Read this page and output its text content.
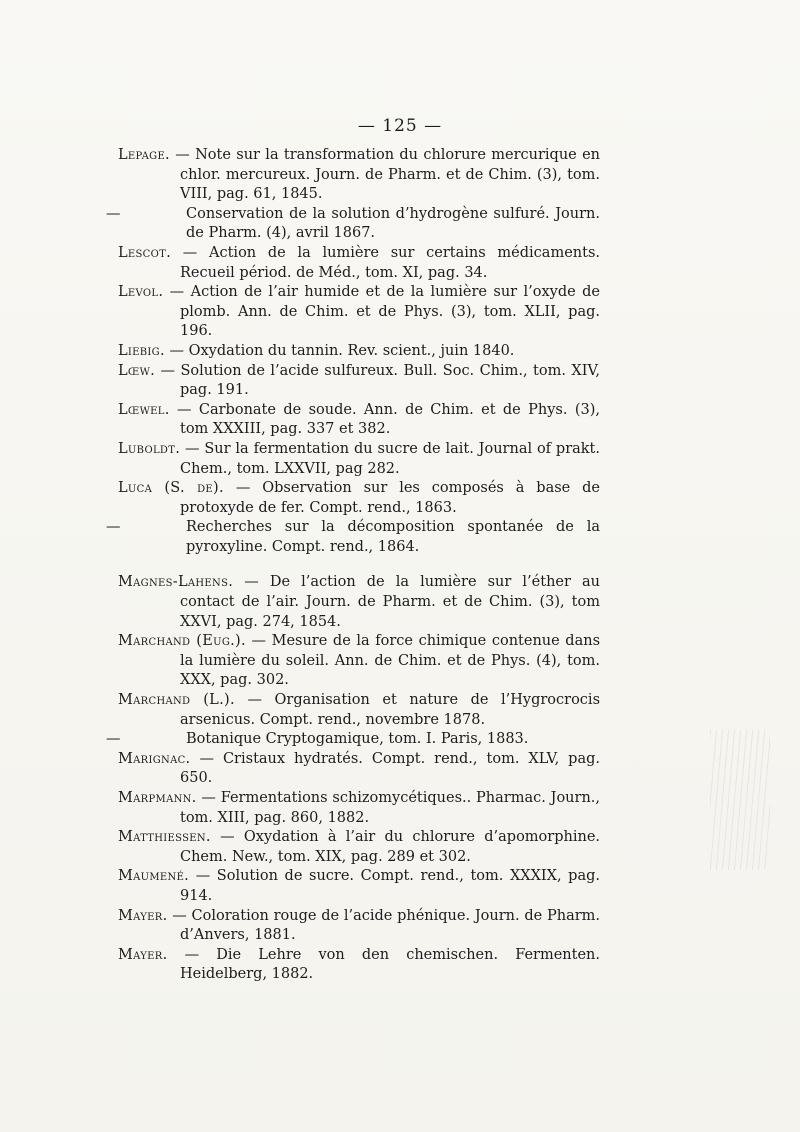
— 125 —

Lepage. — Note sur la transformation du chlorure mercurique en chlor. mercureux. Journ. de Pharm. et de Chim. (3), tom. VIII, pag. 61, 1845.

—	Conservation de la solution d’hydrogène sulfuré. Journ. de Pharm. (4), avril 1867.

Lescot. — Action de la lumière sur certains médicaments. Recueil périod. de Méd., tom. XI, pag. 34.

Levol. — Action de l’air humide et de la lumière sur l’oxyde de plomb. Ann. de Chim. et de Phys. (3), tom. XLII, pag. 196.

Liebig. — Oxydation du tannin. Rev. scient., juin 1840.

Lœw. — Solution de l’acide sulfureux. Bull. Soc. Chim., tom. XIV, pag. 191.

Lœwel. — Carbonate de soude. Ann. de Chim. et de Phys. (3), tom XXXIII, pag. 337 et 382.

Luboldt. — Sur la fermentation du sucre de lait. Journal of prakt. Chem., tom. LXXVII, pag 282.

Luca (S. de). — Observation sur les composés à base de protoxyde de fer. Compt. rend., 1863.

—	Recherches sur la décomposition spontanée de la pyroxyline. Compt. rend., 1864.

Magnes-Lahens. — De l’action de la lumière sur l’éther au contact de l’air. Journ. de Pharm. et de Chim. (3), tom XXVI, pag. 274, 1854.

Marchand (Eug.). — Mesure de la force chimique contenue dans la lumière du soleil. Ann. de Chim. et de Phys. (4), tom. XXX, pag. 302.

Marchand (L.). — Organisation et nature de l’Hygrocrocis arsenicus. Compt. rend., novembre 1878.

—	Botanique Cryptogamique, tom. I. Paris, 1883.

Marignac. — Cristaux hydratés. Compt. rend., tom. XLV, pag. 650.

Marpmann. — Fermentations schizomycétiques.. Pharmac. Journ., tom. XIII, pag. 860, 1882.

Matthiessen. — Oxydation à l’air du chlorure d’apomorphine. Chem. New., tom. XIX, pag. 289 et 302.

Maumené. — Solution de sucre. Compt. rend., tom. XXXIX, pag. 914.

Mayer. — Coloration rouge de l’acide phénique. Journ. de Pharm. d’Anvers, 1881.

Mayer. — Die Lehre von den chemischen. Fermenten. Heidelberg, 1882.
